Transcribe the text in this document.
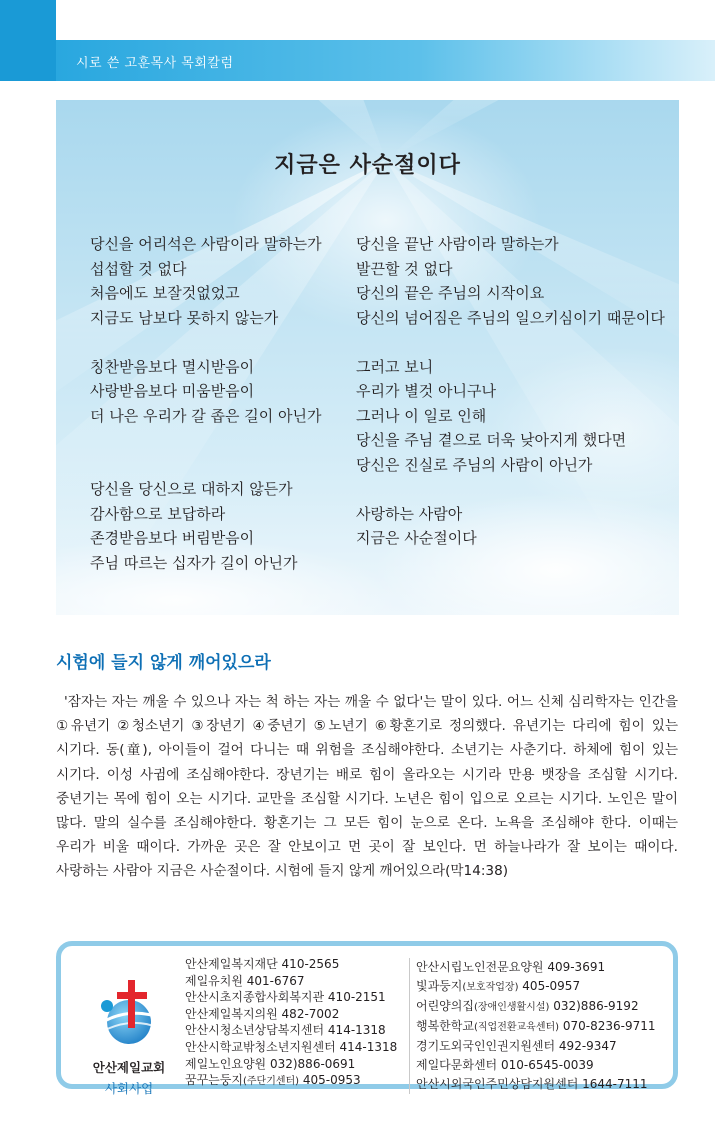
시로 쓴 고훈목사 목회칼럼
지금은 사순절이다
당신을 어리석은 사람이라 말하는가
섭섭할 것 없다
처음에도 보잘것없었고
지금도 남보다 못하지 않는가
칭찬받음보다 멸시받음이
사랑받음보다 미움받음이
더 나은 우리가 갈 좁은 길이 아닌가
당신을 당신으로 대하지 않든가
감사함으로 보답하라
존경받음보다 버림받음이
주님 따르는 십자가 길이 아닌가
당신을 끝난 사람이라 말하는가
발끈할 것 없다
당신의 끝은 주님의 시작이요
당신의 넘어짐은 주님의 일으키심이기 때문이다
그러고 보니
우리가 별것 아니구나
그러나 이 일로 인해
당신을 주님 곁으로 더욱 낮아지게 했다면
당신은 진실로 주님의 사람이 아닌가
사랑하는 사람아
지금은 사순절이다
시험에 들지 않게 깨어있으라
'잠자는 자는 깨울 수 있으나 자는 척 하는 자는 깨울 수 없다'는 말이 있다. 어느 신체 심리학자는 인간을 ①유년기 ②청소년기 ③장년기 ④중년기 ⑤노년기 ⑥황혼기로 정의했다. 유년기는 다리에 힘이 있는 시기다. 동(童), 아이들이 걸어 다니는 때 위험을 조심해야한다. 소년기는 사춘기다. 하체에 힘이 있는 시기다. 이성 사귐에 조심해야한다. 장년기는 배로 힘이 올라오는 시기라 만용 뱃장을 조심할 시기다. 중년기는 목에 힘이 오는 시기다. 교만을 조심할 시기다. 노년은 힘이 입으로 오르는 시기다. 노인은 말이 많다. 말의 실수를 조심해야한다. 황혼기는 그 모든 힘이 눈으로 온다. 노욕을 조심해야 한다. 이때는 우리가 비울 때이다. 가까운 곳은 잘 안보이고 먼 곳이 잘 보인다. 먼 하늘나라가 잘 보이는 때이다. 사랑하는 사람아 지금은 사순절이다. 시험에 들지 않게 깨어있으라(막14:38)
안산제일교회
사회사업
안산제일복지재단 410-2565
제일유치원 401-6767
안산시초지종합사회복지관 410-2151
안산제일복지의원 482-7002
안산시청소년상담복지센터 414-1318
안산시학교밖청소년지원센터 414-1318
제일노인요양원 032)886-0691
꿈꾸는둥지(주단기센터) 405-0953
안산시립노인전문요양원 409-3691
빛과둥지(보호작업장) 405-0957
어린양의집(장애인생활시설) 032)886-9192
행복한학교(직업전환교육센터) 070-8236-9711
경기도외국인인권지원센터 492-9347
제일다문화센터 010-6545-0039
안산시외국인주민상담지원센터 1644-7111
